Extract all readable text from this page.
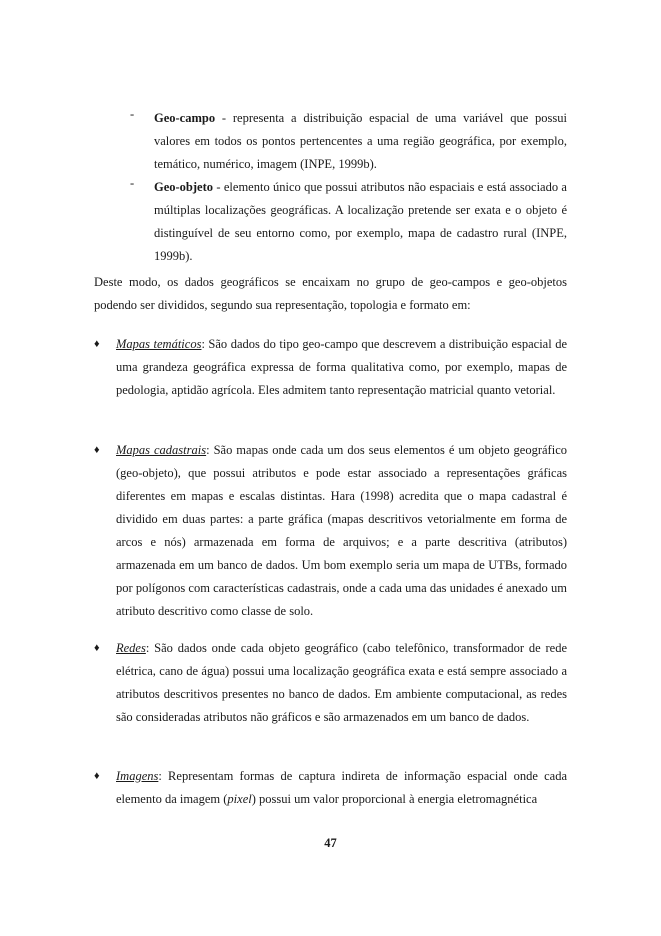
-	Geo-campo - representa a distribuição espacial de uma variável que possui valores em todos os pontos pertencentes a uma região geográfica, por exemplo, temático, numérico, imagem (INPE, 1999b).
-	Geo-objeto - elemento único que possui atributos não espaciais e está associado a múltiplas localizações geográficas. A localização pretende ser exata e o objeto é distinguível de seu entorno como, por exemplo, mapa de cadastro rural (INPE, 1999b).
Deste modo, os dados geográficos se encaixam no grupo de geo-campos e geo-objetos podendo ser divididos, segundo sua representação, topologia e formato em:
♦	Mapas temáticos: São dados do tipo geo-campo que descrevem a distribuição espacial de uma grandeza geográfica expressa de forma qualitativa como, por exemplo, mapas de pedologia, aptidão agrícola. Eles admitem tanto representação matricial quanto vetorial.
♦	Mapas cadastrais: São mapas onde cada um dos seus elementos é um objeto geográfico (geo-objeto), que possui atributos e pode estar associado a representações gráficas diferentes em mapas e escalas distintas. Hara (1998) acredita que o mapa cadastral é dividido em duas partes: a parte gráfica (mapas descritivos vetorialmente em forma de arcos e nós) armazenada em forma de arquivos; e a parte descritiva (atributos) armazenada em um banco de dados. Um bom exemplo seria um mapa de UTBs, formado por polígonos com características cadastrais, onde a cada uma das unidades é anexado um atributo descritivo como classe de solo.
♦	Redes: São dados onde cada objeto geográfico (cabo telefônico, transformador de rede elétrica, cano de água) possui uma localização geográfica exata e está sempre associado a atributos descritivos presentes no banco de dados. Em ambiente computacional, as redes são consideradas atributos não gráficos e são armazenados em um banco de dados.
♦	Imagens: Representam formas de captura indireta de informação espacial onde cada elemento da imagem (pixel) possui um valor proporcional à energia eletromagnética
47
